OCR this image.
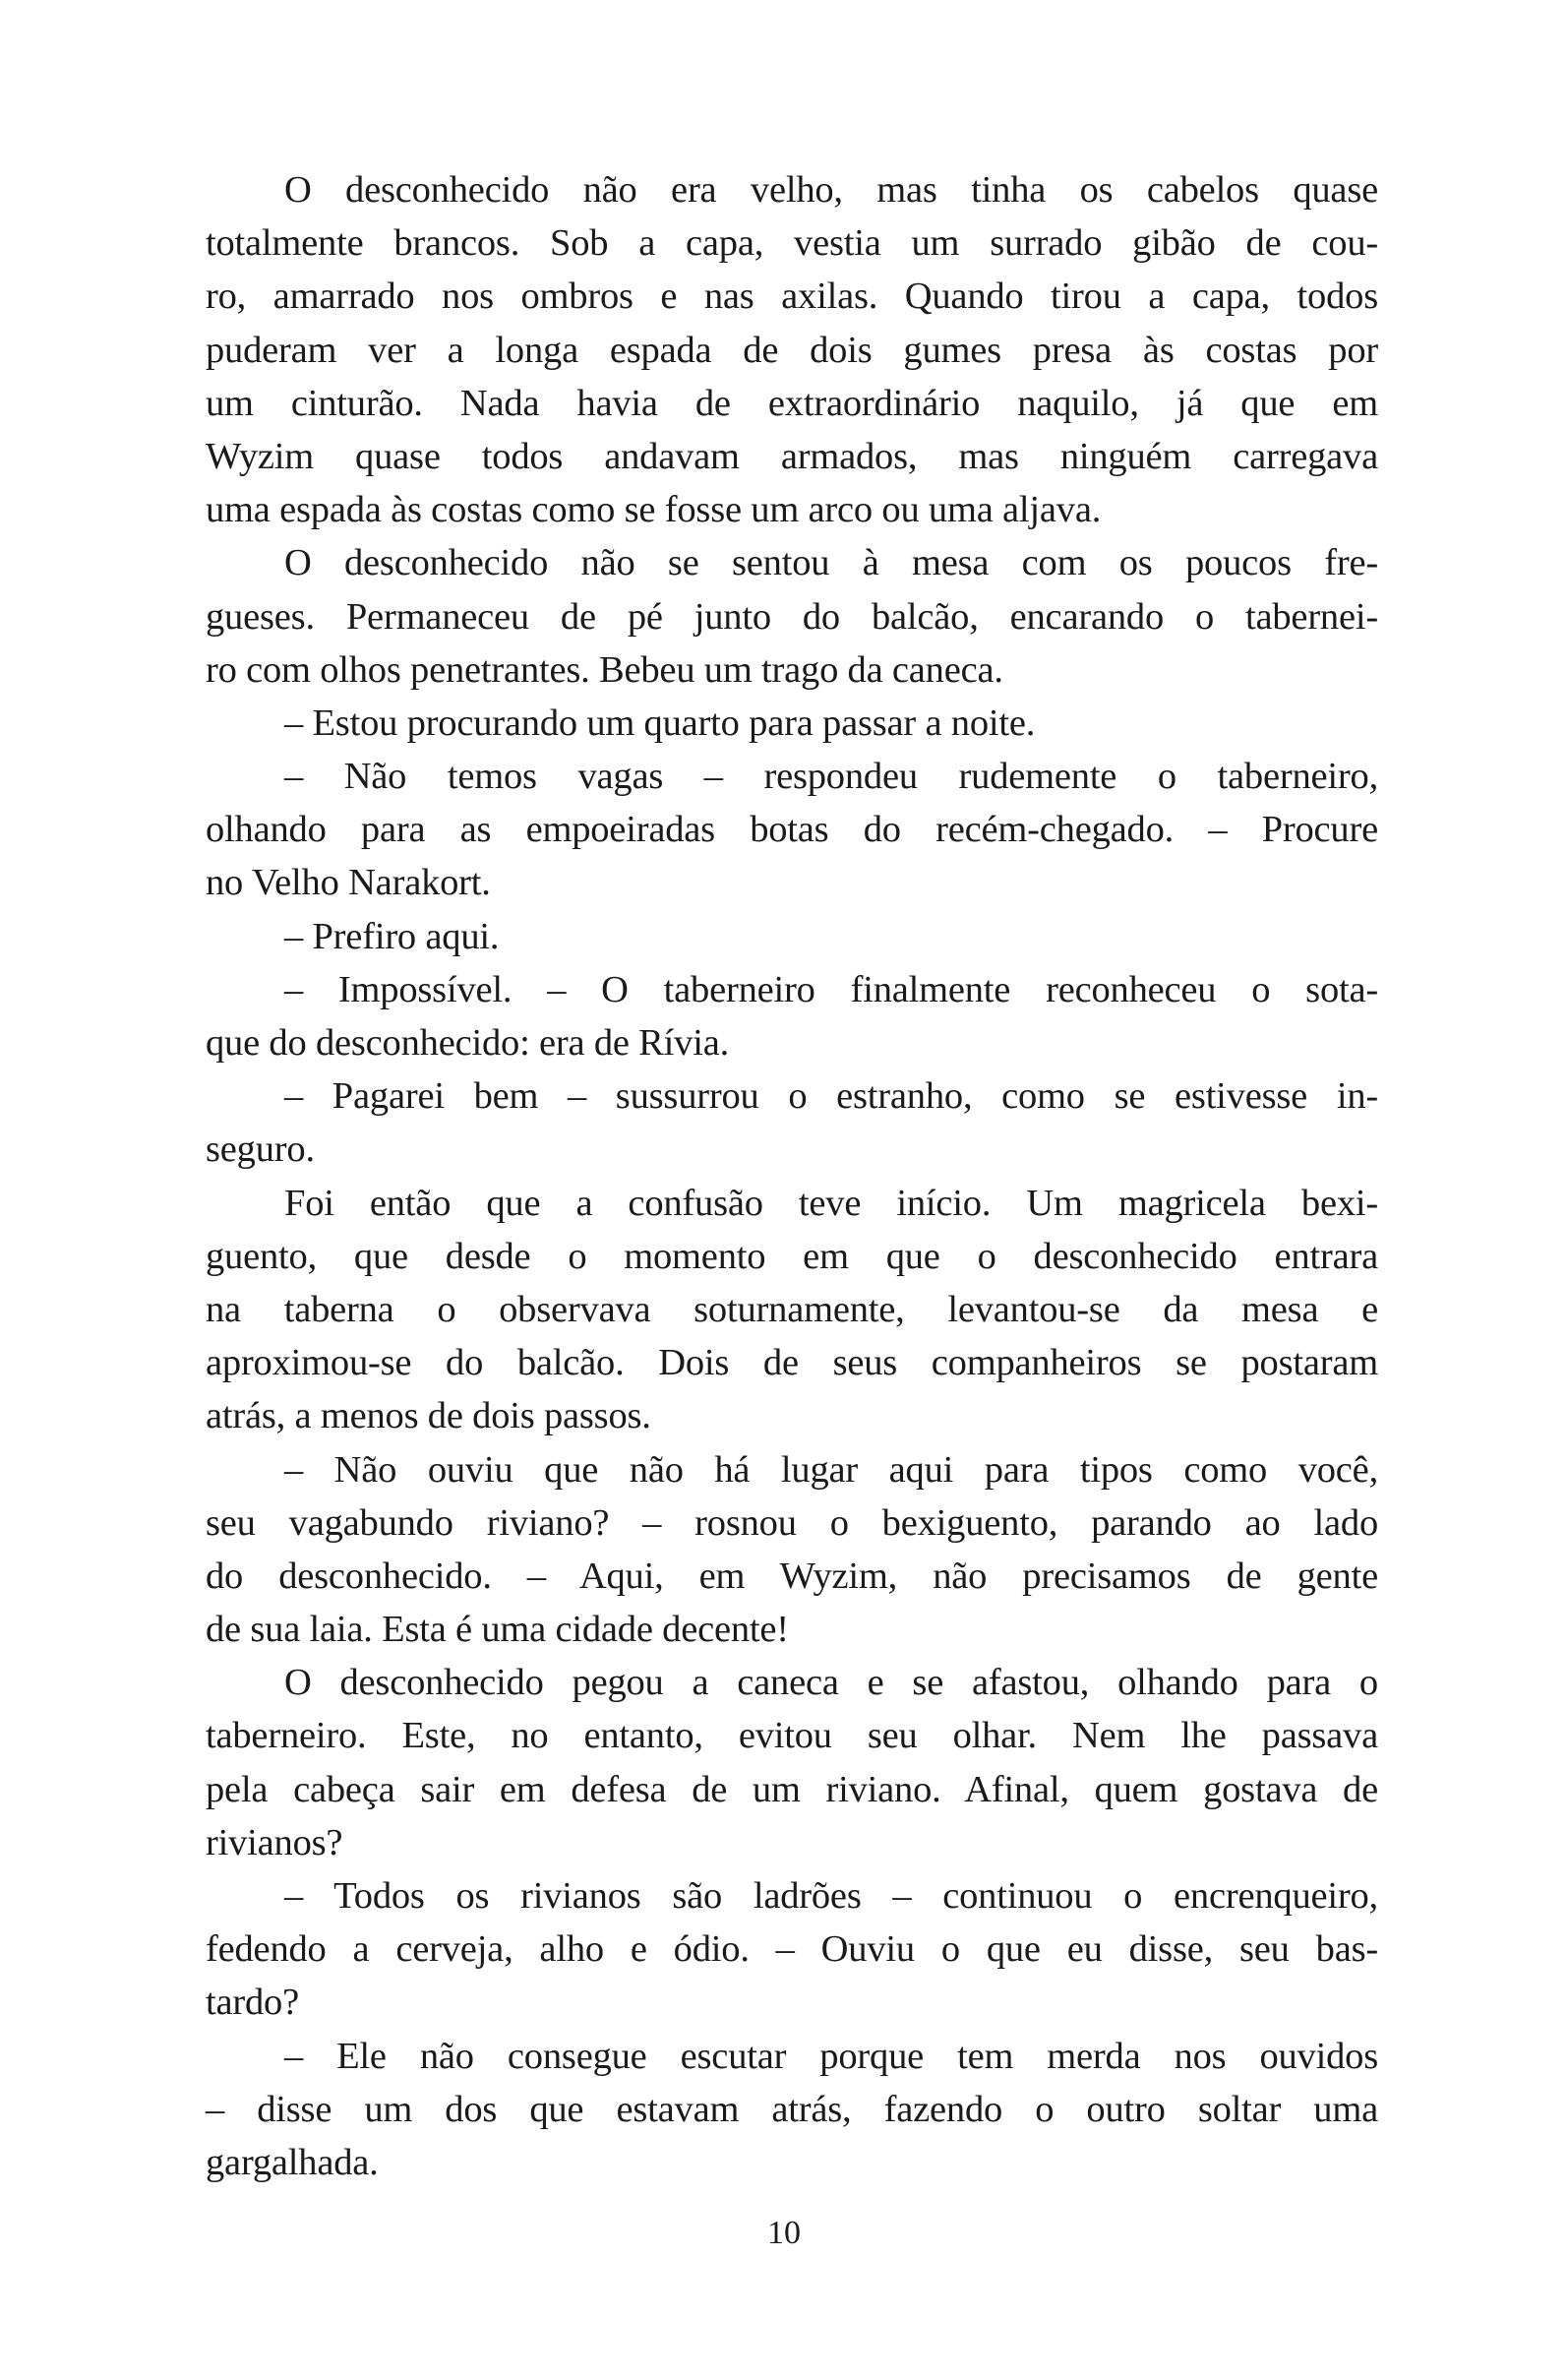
O desconhecido não era velho, mas tinha os cabelos quase
totalmente brancos. Sob a capa, vestia um surrado gibão de cou-
ro, amarrado nos ombros e nas axilas. Quando tirou a capa, todos
puderam ver a longa espada de dois gumes presa às costas por
um cinturão. Nada havia de extraordinário naquilo, já que em
Wyzim quase todos andavam armados, mas ninguém carregava
uma espada às costas como se fosse um arco ou uma aljava.
O desconhecido não se sentou à mesa com os poucos fre-
gueses. Permaneceu de pé junto do balcão, encarando o tabernei-
ro com olhos penetrantes. Bebeu um trago da caneca.
– Estou procurando um quarto para passar a noite.
– Não temos vagas – respondeu rudemente o taberneiro,
olhando para as empoeiradas botas do recém-chegado. – Procure
no Velho Narakort.
– Prefiro aqui.
– Impossível. – O taberneiro finalmente reconheceu o sota-
que do desconhecido: era de Rívia.
– Pagarei bem – sussurrou o estranho, como se estivesse in-
seguro.
Foi então que a confusão teve início. Um magricela bexi-
guento, que desde o momento em que o desconhecido entrara
na taberna o observava soturnamente, levantou-se da mesa e
aproximou-se do balcão. Dois de seus companheiros se postaram
atrás, a menos de dois passos.
– Não ouviu que não há lugar aqui para tipos como você,
seu vagabundo riviano? – rosnou o bexiguento, parando ao lado
do desconhecido. – Aqui, em Wyzim, não precisamos de gente
de sua laia. Esta é uma cidade decente!
O desconhecido pegou a caneca e se afastou, olhando para o
taberneiro. Este, no entanto, evitou seu olhar. Nem lhe passava
pela cabeça sair em defesa de um riviano. Afinal, quem gostava de
rivianos?
– Todos os rivianos são ladrões – continuou o encrenqueiro,
fedendo a cerveja, alho e ódio. – Ouviu o que eu disse, seu bas-
tardo?
– Ele não consegue escutar porque tem merda nos ouvidos
– disse um dos que estavam atrás, fazendo o outro soltar uma
gargalhada.
10
